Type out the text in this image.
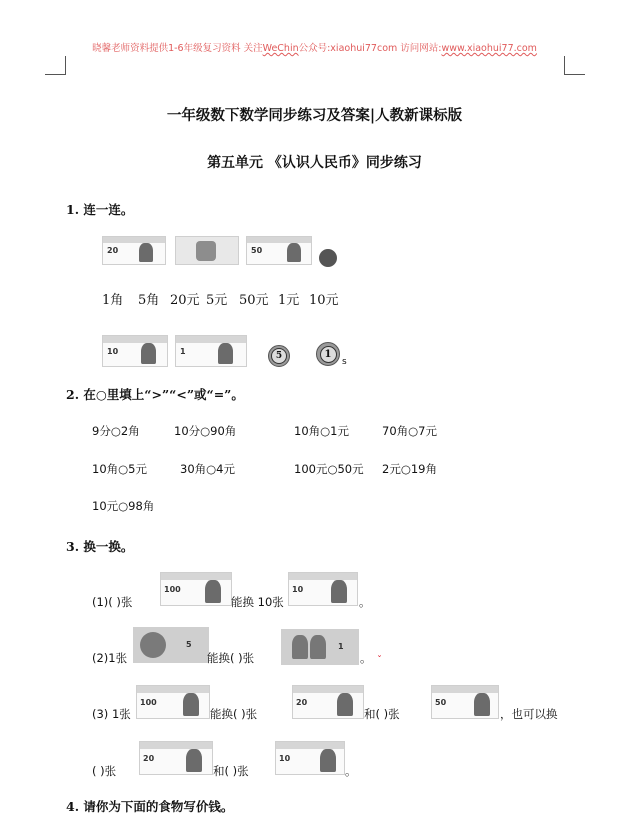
晓馨老师资料提供1-6年级复习资料 关注WeChin公众号:xiaohui77com 访问网站:www.xiaohui77.com
一年级数下数学同步练习及答案|人教新课标版
第五单元 《认识人民币》同步练习
1. 连一连。
20	50
1角 5角 20元 5元 50元 1元 10元
10	1	5	1
s
2. 在○里填上“>”“<”或“=”。
9分○2角	10分○90角	10角○1元	70角○7元
10角○5元	30角○4元	100元○50元 2元○19角
10元○98角
3. 换一换。
(1)( )张
100
能换 10张
10
。
(2)1张
5
能换( )张
1
。 ˇ
(3) 1张
100
能换( )张
20
和( )张
50
，也可以换
( )张
20
和( )张
10
。
4. 请你为下面的食物写价钱。
